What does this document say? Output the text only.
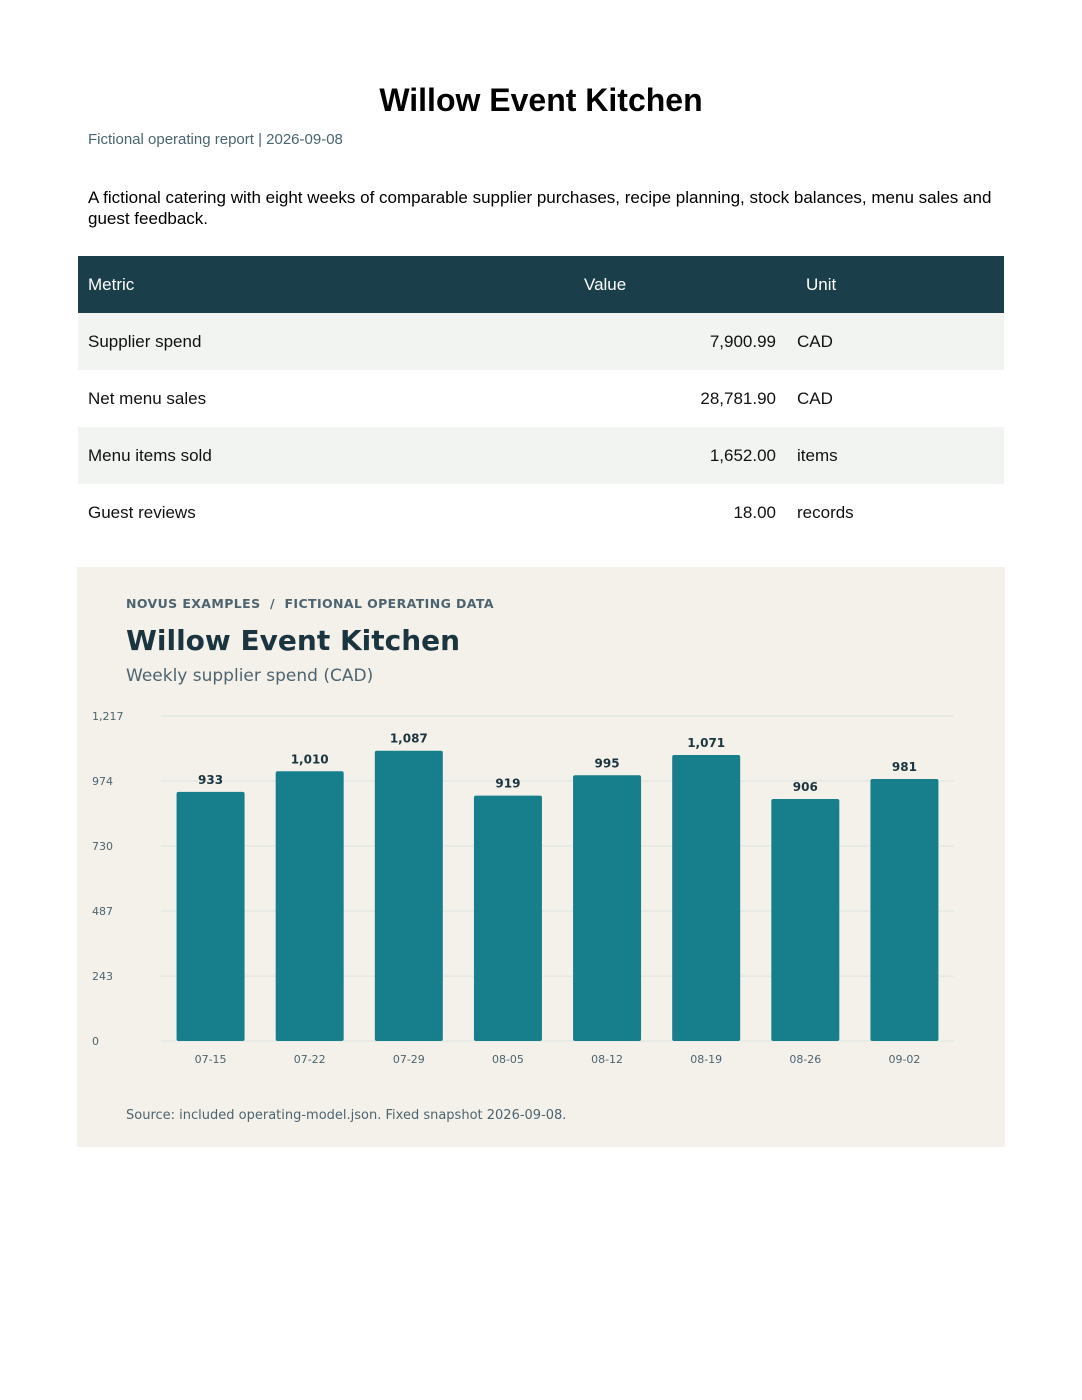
Willow Event Kitchen
Fictional operating report | 2026-09-08
A fictional catering with eight weeks of comparable supplier purchases, recipe planning, stock balances, menu sales and guest feedback.
Metric	Value	Unit
Supplier spend	7,900.99	CAD
Net menu sales	28,781.90	CAD
Menu items sold	1,652.00	items
Guest reviews	18.00	records
0
243
487
730
974
1,217
933
07-15
1,010
07-22
1,087
07-29
919
08-05
995
08-12
1,071
08-19
906
08-26
981
09-02
NOVUS EXAMPLES  /  FICTIONAL OPERATING DATA
Willow Event Kitchen
Weekly supplier spend (CAD)
Source: included operating-model.json. Fixed snapshot 2026-09-08.
